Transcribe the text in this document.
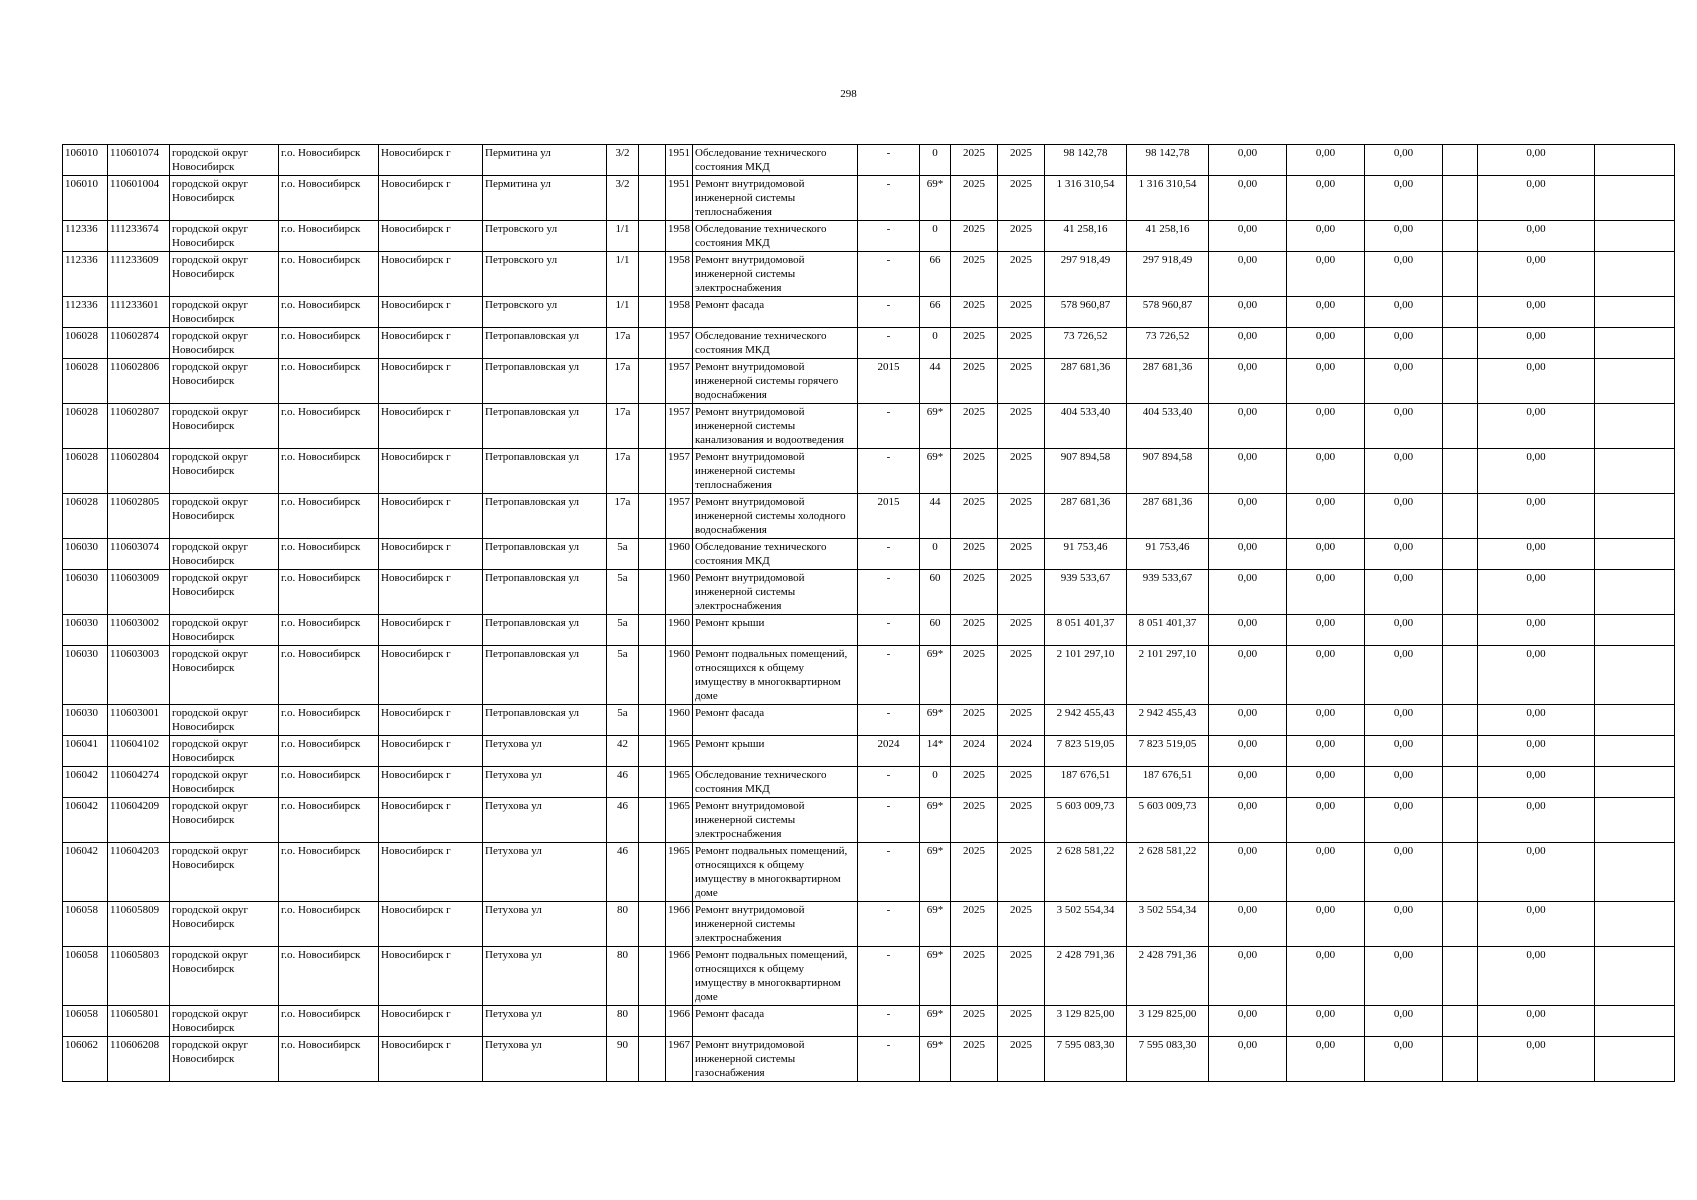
298
106010	110601074	городской округ Новосибирск	г.о. Новосибирск	Новосибирск г	Пермитина ул	3/2		1951	Обследование технического состояния МКД	-	0	2025	2025	98 142,78	98 142,78	0,00	0,00	0,00		0,00	
106010	110601004	городской округ Новосибирск	г.о. Новосибирск	Новосибирск г	Пермитина ул	3/2		1951	Ремонт внутридомовой инженерной системы теплоснабжения	-	69*	2025	2025	1 316 310,54	1 316 310,54	0,00	0,00	0,00		0,00	
112336	111233674	городской округ Новосибирск	г.о. Новосибирск	Новосибирск г	Петровского ул	1/1		1958	Обследование технического состояния МКД	-	0	2025	2025	41 258,16	41 258,16	0,00	0,00	0,00		0,00	
112336	111233609	городской округ Новосибирск	г.о. Новосибирск	Новосибирск г	Петровского ул	1/1		1958	Ремонт внутридомовой инженерной системы электроснабжения	-	66	2025	2025	297 918,49	297 918,49	0,00	0,00	0,00		0,00	
112336	111233601	городской округ Новосибирск	г.о. Новосибирск	Новосибирск г	Петровского ул	1/1		1958	Ремонт фасада	-	66	2025	2025	578 960,87	578 960,87	0,00	0,00	0,00		0,00	
106028	110602874	городской округ Новосибирск	г.о. Новосибирск	Новосибирск г	Петропавловская ул	17а		1957	Обследование технического состояния МКД	-	0	2025	2025	73 726,52	73 726,52	0,00	0,00	0,00		0,00	
106028	110602806	городской округ Новосибирск	г.о. Новосибирск	Новосибирск г	Петропавловская ул	17а		1957	Ремонт внутридомовой инженерной системы горячего водоснабжения	2015	44	2025	2025	287 681,36	287 681,36	0,00	0,00	0,00		0,00	
106028	110602807	городской округ Новосибирск	г.о. Новосибирск	Новосибирск г	Петропавловская ул	17а		1957	Ремонт внутридомовой инженерной системы канализования и водоотведения	-	69*	2025	2025	404 533,40	404 533,40	0,00	0,00	0,00		0,00	
106028	110602804	городской округ Новосибирск	г.о. Новосибирск	Новосибирск г	Петропавловская ул	17а		1957	Ремонт внутридомовой инженерной системы теплоснабжения	-	69*	2025	2025	907 894,58	907 894,58	0,00	0,00	0,00		0,00	
106028	110602805	городской округ Новосибирск	г.о. Новосибирск	Новосибирск г	Петропавловская ул	17а		1957	Ремонт внутридомовой инженерной системы холодного водоснабжения	2015	44	2025	2025	287 681,36	287 681,36	0,00	0,00	0,00		0,00	
106030	110603074	городской округ Новосибирск	г.о. Новосибирск	Новосибирск г	Петропавловская ул	5а		1960	Обследование технического состояния МКД	-	0	2025	2025	91 753,46	91 753,46	0,00	0,00	0,00		0,00	
106030	110603009	городской округ Новосибирск	г.о. Новосибирск	Новосибирск г	Петропавловская ул	5а		1960	Ремонт внутридомовой инженерной системы электроснабжения	-	60	2025	2025	939 533,67	939 533,67	0,00	0,00	0,00		0,00	
106030	110603002	городской округ Новосибирск	г.о. Новосибирск	Новосибирск г	Петропавловская ул	5а		1960	Ремонт крыши	-	60	2025	2025	8 051 401,37	8 051 401,37	0,00	0,00	0,00		0,00	
106030	110603003	городской округ Новосибирск	г.о. Новосибирск	Новосибирск г	Петропавловская ул	5а		1960	Ремонт подвальных помещений, относящихся к общему имуществу в многоквартирном доме	-	69*	2025	2025	2 101 297,10	2 101 297,10	0,00	0,00	0,00		0,00	
106030	110603001	городской округ Новосибирск	г.о. Новосибирск	Новосибирск г	Петропавловская ул	5а		1960	Ремонт фасада	-	69*	2025	2025	2 942 455,43	2 942 455,43	0,00	0,00	0,00		0,00	
106041	110604102	городской округ Новосибирск	г.о. Новосибирск	Новосибирск г	Петухова ул	42		1965	Ремонт крыши	2024	14*	2024	2024	7 823 519,05	7 823 519,05	0,00	0,00	0,00		0,00	
106042	110604274	городской округ Новосибирск	г.о. Новосибирск	Новосибирск г	Петухова ул	46		1965	Обследование технического состояния МКД	-	0	2025	2025	187 676,51	187 676,51	0,00	0,00	0,00		0,00	
106042	110604209	городской округ Новосибирск	г.о. Новосибирск	Новосибирск г	Петухова ул	46		1965	Ремонт внутридомовой инженерной системы электроснабжения	-	69*	2025	2025	5 603 009,73	5 603 009,73	0,00	0,00	0,00		0,00	
106042	110604203	городской округ Новосибирск	г.о. Новосибирск	Новосибирск г	Петухова ул	46		1965	Ремонт подвальных помещений, относящихся к общему имуществу в многоквартирном доме	-	69*	2025	2025	2 628 581,22	2 628 581,22	0,00	0,00	0,00		0,00	
106058	110605809	городской округ Новосибирск	г.о. Новосибирск	Новосибирск г	Петухова ул	80		1966	Ремонт внутридомовой инженерной системы электроснабжения	-	69*	2025	2025	3 502 554,34	3 502 554,34	0,00	0,00	0,00		0,00	
106058	110605803	городской округ Новосибирск	г.о. Новосибирск	Новосибирск г	Петухова ул	80		1966	Ремонт подвальных помещений, относящихся к общему имуществу в многоквартирном доме	-	69*	2025	2025	2 428 791,36	2 428 791,36	0,00	0,00	0,00		0,00	
106058	110605801	городской округ Новосибирск	г.о. Новосибирск	Новосибирск г	Петухова ул	80		1966	Ремонт фасада	-	69*	2025	2025	3 129 825,00	3 129 825,00	0,00	0,00	0,00		0,00	
106062	110606208	городской округ Новосибирск	г.о. Новосибирск	Новосибирск г	Петухова ул	90		1967	Ремонт внутридомовой инженерной системы газоснабжения	-	69*	2025	2025	7 595 083,30	7 595 083,30	0,00	0,00	0,00		0,00	
